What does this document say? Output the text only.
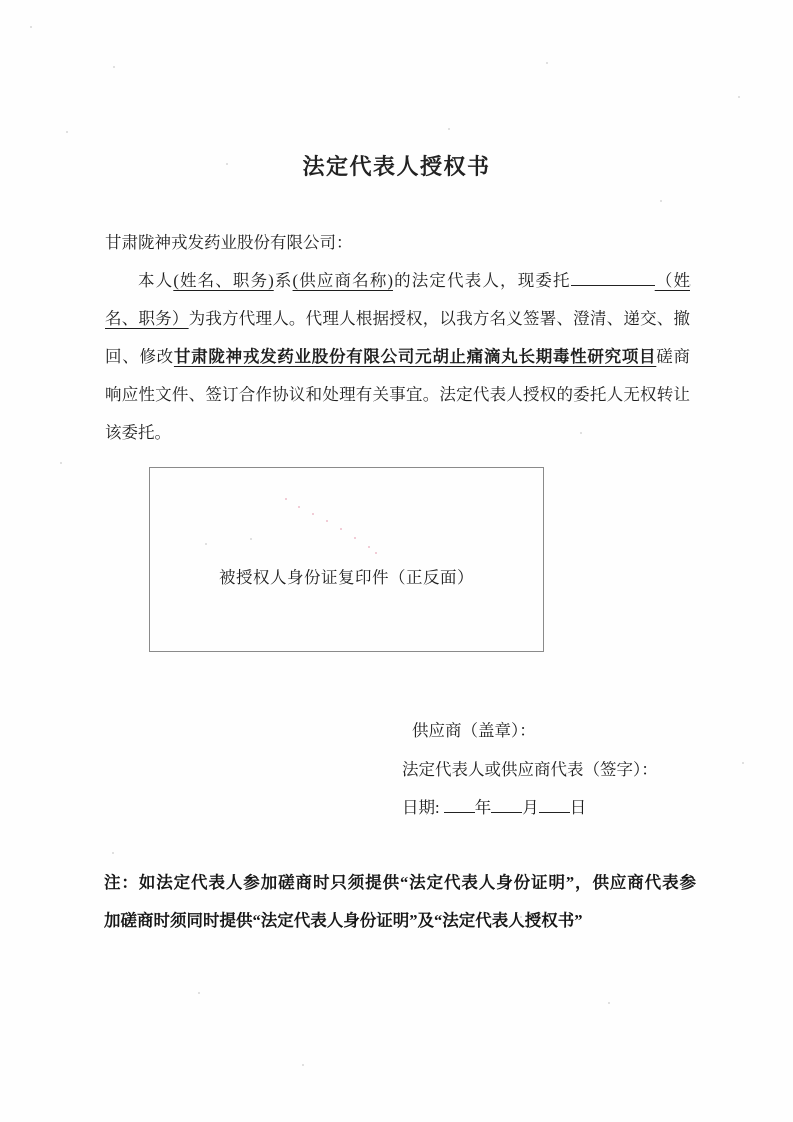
法定代表人授权书
甘肃陇神戎发药业股份有限公司：
本人(姓名、职务)系(供应商名称)的法定代表人，现委托	（姓
名、职务）为我方代理人。代理人根据授权，以我方名义签署、澄清、递交、撤
回、修改甘肃陇神戎发药业股份有限公司元胡止痛滴丸长期毒性研究项目磋商
响应性文件、签订合作协议和处理有关事宜。法定代表人授权的委托人无权转让
该委托。
被授权人身份证复印件（正反面）
供应商（盖章）：
法定代表人或供应商代表（签字）：
日期: 年 月 日
注：如法定代表人参加磋商时只须提供“法定代表人身份证明”，供应商代表参
加磋商时须同时提供“法定代表人身份证明”及“法定代表人授权书”
